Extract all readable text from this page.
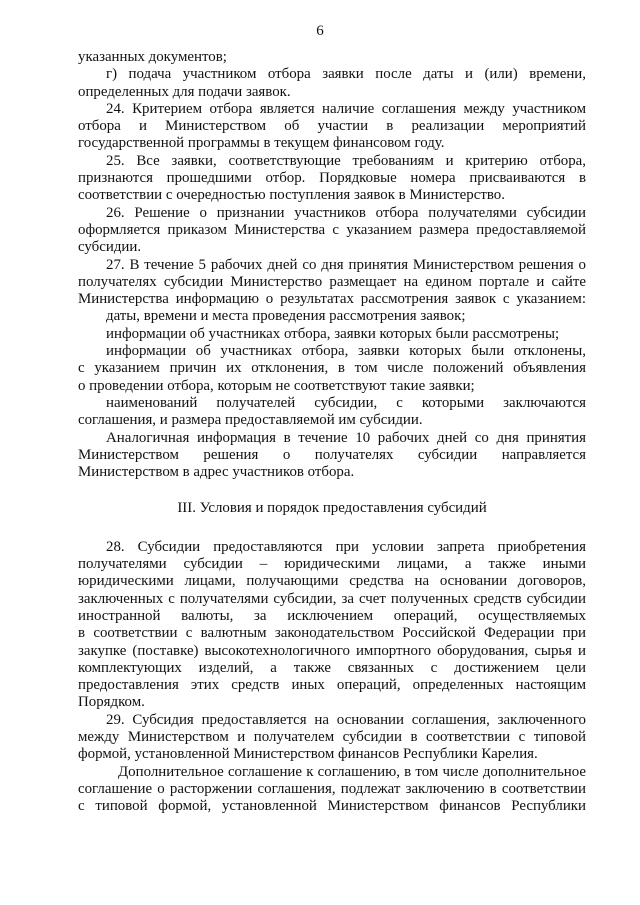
6
указанных документов;
г) подача участником отбора заявки после даты и (или) времени,
определенных для подачи заявок.
24. Критерием отбора является наличие соглашения между участником
отбора и Министерством об участии в реализации мероприятий
государственной программы в текущем финансовом году.
25. Все заявки, соответствующие требованиям и критерию отбора,
признаются прошедшими отбор. Порядковые номера присваиваются в
соответствии с очередностью поступления заявок в Министерство.
26. Решение о признании участников отбора получателями субсидии
оформляется приказом Министерства с указанием размера предоставляемой
субсидии.
27. В течение 5 рабочих дней со дня принятия Министерством решения о
получателях субсидии Министерство размещает на едином портале и сайте
Министерства информацию о результатах рассмотрения заявок с указанием:
даты, времени и места проведения рассмотрения заявок;
информации об участниках отбора, заявки которых были рассмотрены;
информации об участниках отбора, заявки которых были отклонены,
с указанием причин их отклонения, в том числе положений объявления
о проведении отбора, которым не соответствуют такие заявки;
наименований получателей субсидии, с которыми заключаются
соглашения, и размера предоставляемой им субсидии.
Аналогичная информация в течение 10 рабочих дней со дня принятия
Министерством решения о получателях субсидии направляется
Министерством в адрес участников отбора.
III. Условия и порядок предоставления субсидий
28. Субсидии предоставляются при условии запрета приобретения
получателями субсидии – юридическими лицами, а также иными
юридическими лицами, получающими средства на основании договоров,
заключенных с получателями субсидии, за счет полученных средств субсидии
иностранной валюты, за исключением операций, осуществляемых
в соответствии с валютным законодательством Российской Федерации при
закупке (поставке) высокотехнологичного импортного оборудования, сырья и
комплектующих изделий, а также связанных с достижением цели
предоставления этих средств иных операций, определенных настоящим
Порядком.
29. Субсидия предоставляется на основании соглашения, заключенного
между Министерством и получателем субсидии в соответствии с типовой
формой, установленной Министерством финансов Республики Карелия.
Дополнительное соглашение к соглашению, в том числе дополнительное
соглашение о расторжении соглашения, подлежат заключению в соответствии
с типовой формой, установленной Министерством финансов Республики
